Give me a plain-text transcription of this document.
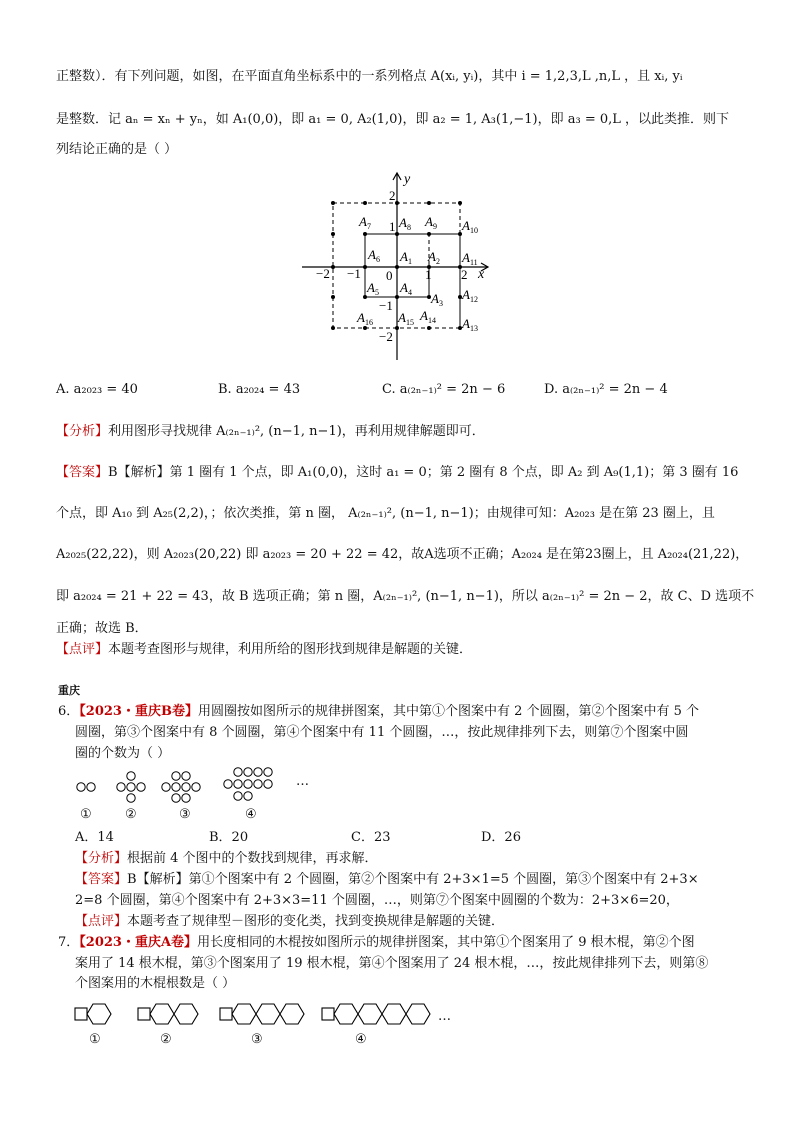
正整数）．有下列问题，如图，在平面直角坐标系中的一系列格点 A(xᵢ, yᵢ)，其中 i = 1,2,3,L ,n,L ，且 xᵢ, yᵢ
是整数．记 aₙ = xₙ + yₙ，如 A₁(0,0)，即 a₁ = 0, A₂(1,0)，即 a₂ = 1, A₃(1,−1)，即 a₃ = 0,L ，以此类推．则下
列结论正确的是（ ）
y
x
0
−2 −1	1 2
1
2
−1
−2
$A_1$ $A_2$
$A_3$
$A_4$
$A_5$
$A_6$
$A_7$ $A_8$ $A_9$ $A_{10}$
$A_{11}$
$A_{12}$
$A_{13}$
$A_{14}$
$A_{15}$
$A_{16}$
A. a₂₀₂₃ = 40	B. a₂₀₂₄ = 43	C. a₍₂ₙ₋₁₎² = 2n − 6	D. a₍₂ₙ₋₁₎² = 2n − 4
【分析】利用图形寻找规律 A₍₂ₙ₋₁₎², (n−1, n−1)，再利用规律解题即可．
【答案】B【解析】第 1 圈有 1 个点，即 A₁(0,0)，这时 a₁ = 0；第 2 圈有 8 个点，即 A₂ 到 A₉(1,1)；第 3 圈有 16
个点，即 A₁₀ 到 A₂₅(2,2)，；依次类推，第 n 圈， A₍₂ₙ₋₁₎², (n−1, n−1)；由规律可知：A₂₀₂₃ 是在第 23 圈上，且
A₂₀₂₅(22,22)，则 A₂₀₂₃(20,22) 即 a₂₀₂₃ = 20 + 22 = 42，故A选项不正确；A₂₀₂₄ 是在第23圈上，且 A₂₀₂₄(21,22)，
即 a₂₀₂₄ = 21 + 22 = 43，故 B 选项正确；第 n 圈，A₍₂ₙ₋₁₎², (n−1, n−1)，所以 a₍₂ₙ₋₁₎² = 2n − 2，故 C、D 选项不
正确；故选 B．
【点评】本题考查图形与规律，利用所给的图形找到规律是解题的关键．
重庆
6．【2023・重庆B卷】用圆圈按如图所示的规律拼图案，其中第①个图案中有 2 个圆圈，第②个图案中有 5 个
圆圈，第③个图案中有 8 个圆圈，第④个图案中有 11 个圆圈，…，按此规律排列下去，则第⑦个图案中圆
圈的个数为（ ）
…
①	②	③	④
A．14	B．20	C．23	D．26
【分析】根据前 4 个图中的个数找到规律，再求解．
【答案】B【解析】第①个图案中有 2 个圆圈，第②个图案中有 2+3×1=5 个圆圈，第③个图案中有 2+3×
2=8 个圆圈，第④个图案中有 2+3×3=11 个圆圈，…，则第⑦个图案中圆圈的个数为：2+3×6=20，
【点评】本题考查了规律型－图形的变化类，找到变换规律是解题的关键．
7．【2023・重庆A卷】用长度相同的木棍按如图所示的规律拼图案，其中第①个图案用了 9 根木棍，第②个图
案用了 14 根木棍，第③个图案用了 19 根木棍，第④个图案用了 24 根木棍，…，按此规律排列下去，则第⑧
个图案用的木棍根数是（ ）
…
①	②	③	④
